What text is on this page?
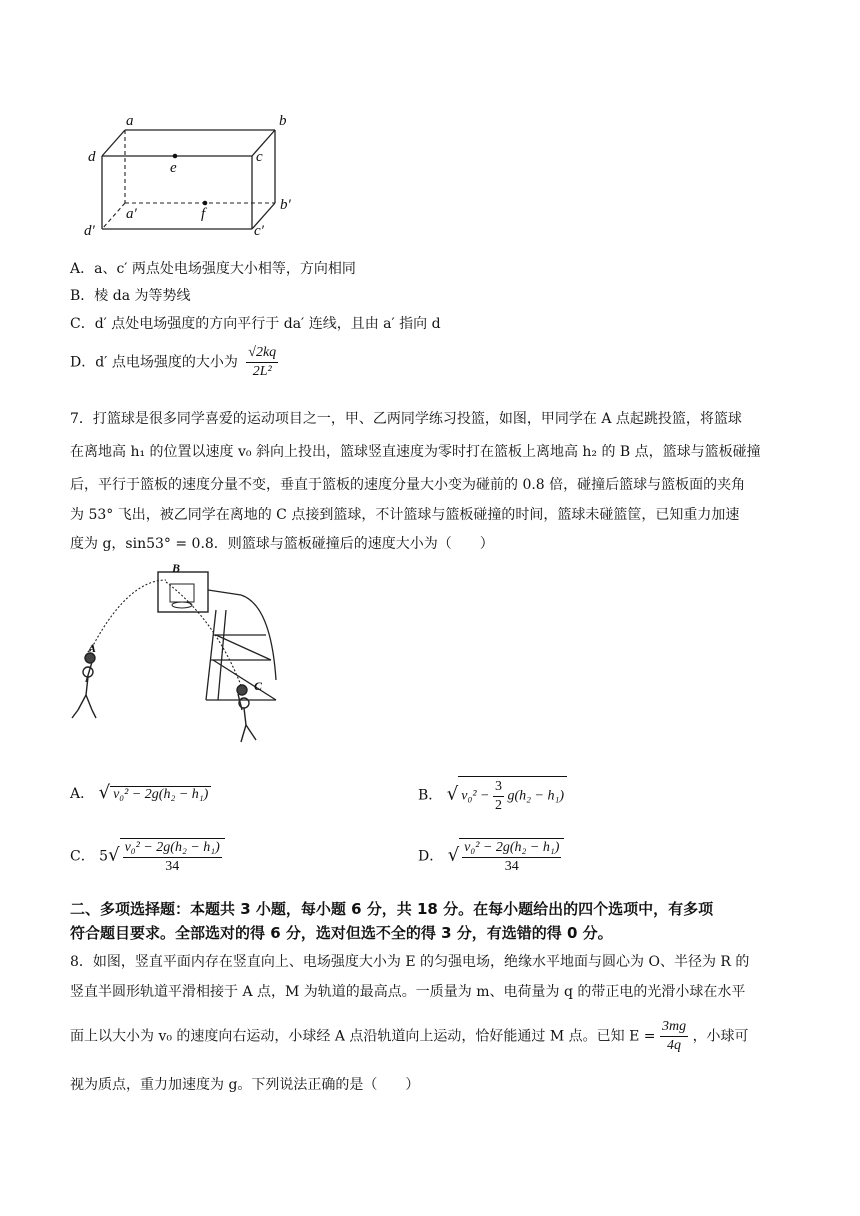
a	b
d	c
e
f
a′
b′
d′	c′
A．a、c′ 两点处电场强度大小相等，方向相同
B．棱 da 为等势线
C．d′ 点处电场强度的方向平行于 da′ 连线，且由 a′ 指向 d
D．d′ 点电场强度的大小为 $\frac{√2kq}{\text{2L²}}$
7．打篮球是很多同学喜爱的运动项目之一，甲、乙两同学练习投篮，如图，甲同学在 A 点起跳投篮，将篮球
在离地高 h₁ 的位置以速度 v₀ 斜向上投出，篮球竖直速度为零时打在篮板上离地高 h₂ 的 B 点，篮球与篮板碰撞
后，平行于篮板的速度分量不变，垂直于篮板的速度分量大小变为碰前的 0.8 倍，碰撞后篮球与篮板面的夹角
为 53° 飞出，被乙同学在离地的 C 点接到篮球，不计篮球与篮板碰撞的时间，篮球未碰篮筐，已知重力加速
度为 g，sin53° = 0.8．则篮球与篮板碰撞后的速度大小为（　　）
B
A
C
A． √ v₀² − 2g(h₂ − h₁)	B． √ $v_0^2 - \frac{3}{2} g(h_2 - h_1)$
C． $5√ \frac{\text{v₀² − 2g(h₂ − h₁)}}{34}$	D． √ $\frac{\text{v₀² − 2g(h₂ − h₁)}}{34}$
二、多项选择题：本题共 3 小题，每小题 6 分，共 18 分。在每小题给出的四个选项中，有多项
符合题目要求。全部选对的得 6 分，选对但选不全的得 3 分，有选错的得 0 分。
8．如图，竖直平面内存在竖直向上、电场强度大小为 E 的匀强电场，绝缘水平地面与圆心为 O、半径为 R 的
竖直半圆形轨道平滑相接于 A 点，M 为轨道的最高点。一质量为 m、电荷量为 q 的带正电的光滑小球在水平
面上以大小为 v₀ 的速度向右运动，小球经 A 点沿轨道向上运动，恰好能通过 M 点。已知 $E = \frac{3mg}{4q}$ ，小球可
视为质点，重力加速度为 g。下列说法正确的是（　　）
